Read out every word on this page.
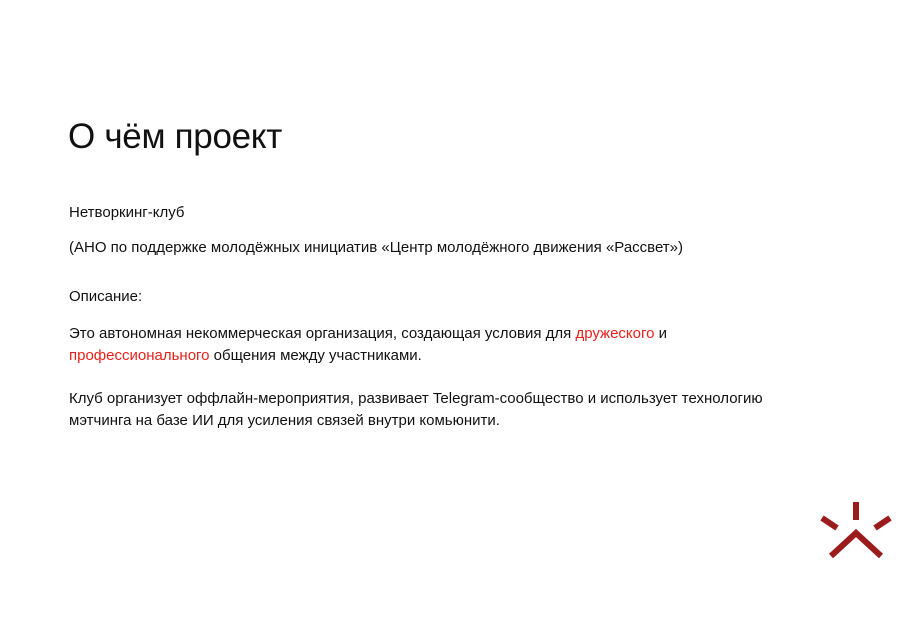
О чём проект

Нетворкинг-клуб

(АНО по поддержке молодёжных инициатив «Центр молодёжного движения «Рассвет»)

Описание:

Это автономная некоммерческая организация, создающая условия для дружеского и
профессионального общения между участниками.
Клуб организует оффлайн-мероприятия, развивает Telegram-сообщество и использует технологию
мэтчинга на базе ИИ для усиления связей внутри комьюнити.
